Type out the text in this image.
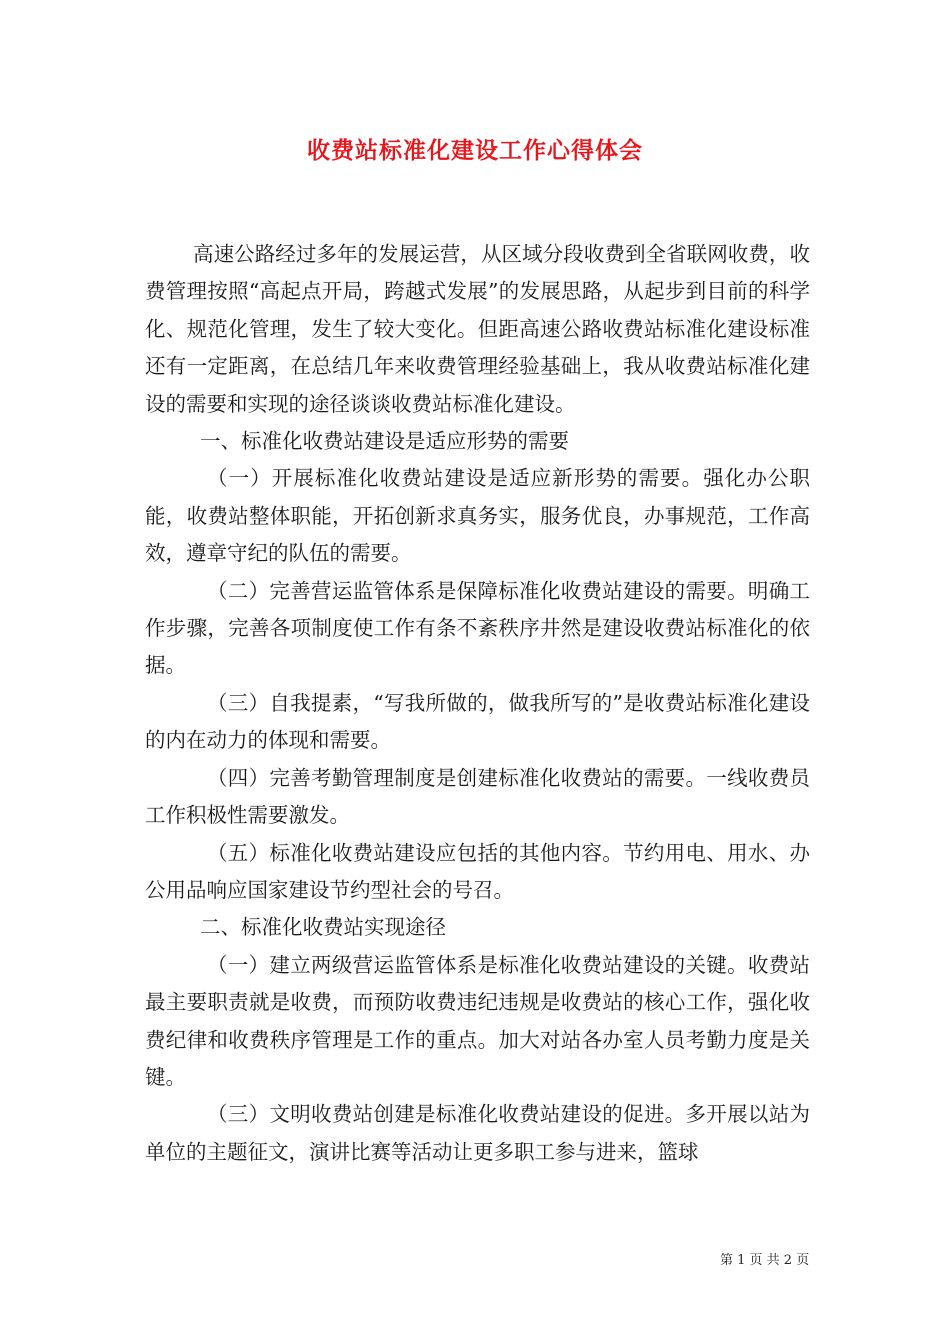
收费站标准化建设工作心得体会

高速公路经过多年的发展运营，从区域分段收费到全省联网收费，收费管理按照“高起点开局，跨越式发展”的发展思路，从起步到目前的科学化、规范化管理，发生了较大变化。但距高速公路收费站标准化建设标准还有一定距离，在总结几年来收费管理经验基础上，我从收费站标准化建设的需要和实现的途径谈谈收费站标准化建设。

一、标准化收费站建设是适应形势的需要

（一）开展标准化收费站建设是适应新形势的需要。强化办公职能，收费站整体职能，开拓创新求真务实，服务优良，办事规范，工作高效，遵章守纪的队伍的需要。

（二）完善营运监管体系是保障标准化收费站建设的需要。明确工作步骤，完善各项制度使工作有条不紊秩序井然是建设收费站标准化的依据。

（三）自我提素，“写我所做的，做我所写的”是收费站标准化建设的内在动力的体现和需要。

（四）完善考勤管理制度是创建标准化收费站的需要。一线收费员工作积极性需要激发。

（五）标准化收费站建设应包括的其他内容。节约用电、用水、办公用品响应国家建设节约型社会的号召。

二、标准化收费站实现途径

（一）建立两级营运监管体系是标准化收费站建设的关键。收费站最主要职责就是收费，而预防收费违纪违规是收费站的核心工作，强化收费纪律和收费秩序管理是工作的重点。加大对站各办室人员考勤力度是关键。

（三）文明收费站创建是标准化收费站建设的促进。多开展以站为单位的主题征文，演讲比赛等活动让更多职工参与进来，篮球

第 1 页 共 2 页
